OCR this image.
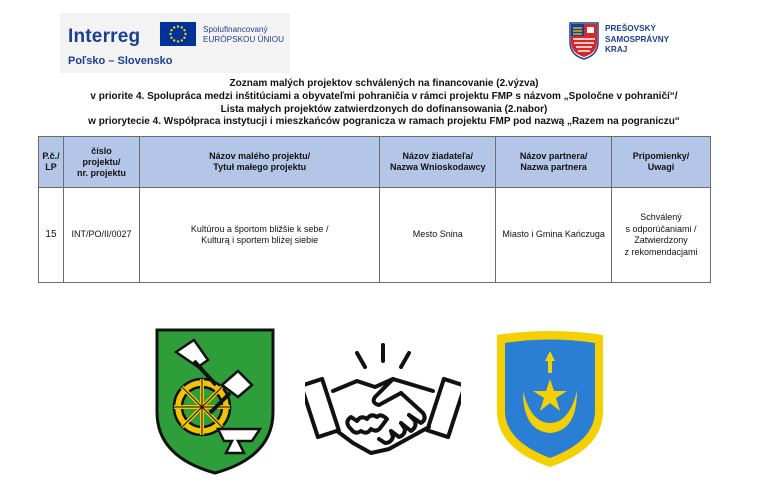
Interreg	Spolufinancovaný
EURÓPSKOU ÚNIOU
Poľsko – Slovensko
PREŠOVSKÝ
SAMOSPRÁVNY
KRAJ
Zoznam malých projektov schválených na financovanie (2.výzva)
v priorite 4. Spolupráca medzi inštitúciami a obyvateľmi pohraničia v rámci projektu FMP s názvom „Spoločne v pohraničí“/
Lista małych projektów zatwierdzonych do dofinansowania (2.nabor)
w priorytecie 4. Współpraca instytucji i mieszkańców pogranicza w ramach projektu FMP pod nazwą „Razem na pograniczu“
P.č./
LP	číslo
projektu/
nr. projektu	Názov malého projektu/
Tytuł małego projektu	Názov žiadateľa/
Nazwa Wnioskodawcy	Názov partnera/
Nazwa partnera	Pripomienky/
Uwagi

15	INT/PO/II/0027	Kultúrou a športom bližšie k sebe /
Kulturą i sportem bliżej siebie	Mesto Snina	Miasto i Gmina Kańczuga	Schválený
s odporúčaniami /
Zatwierdzony
z rekomendacjami
